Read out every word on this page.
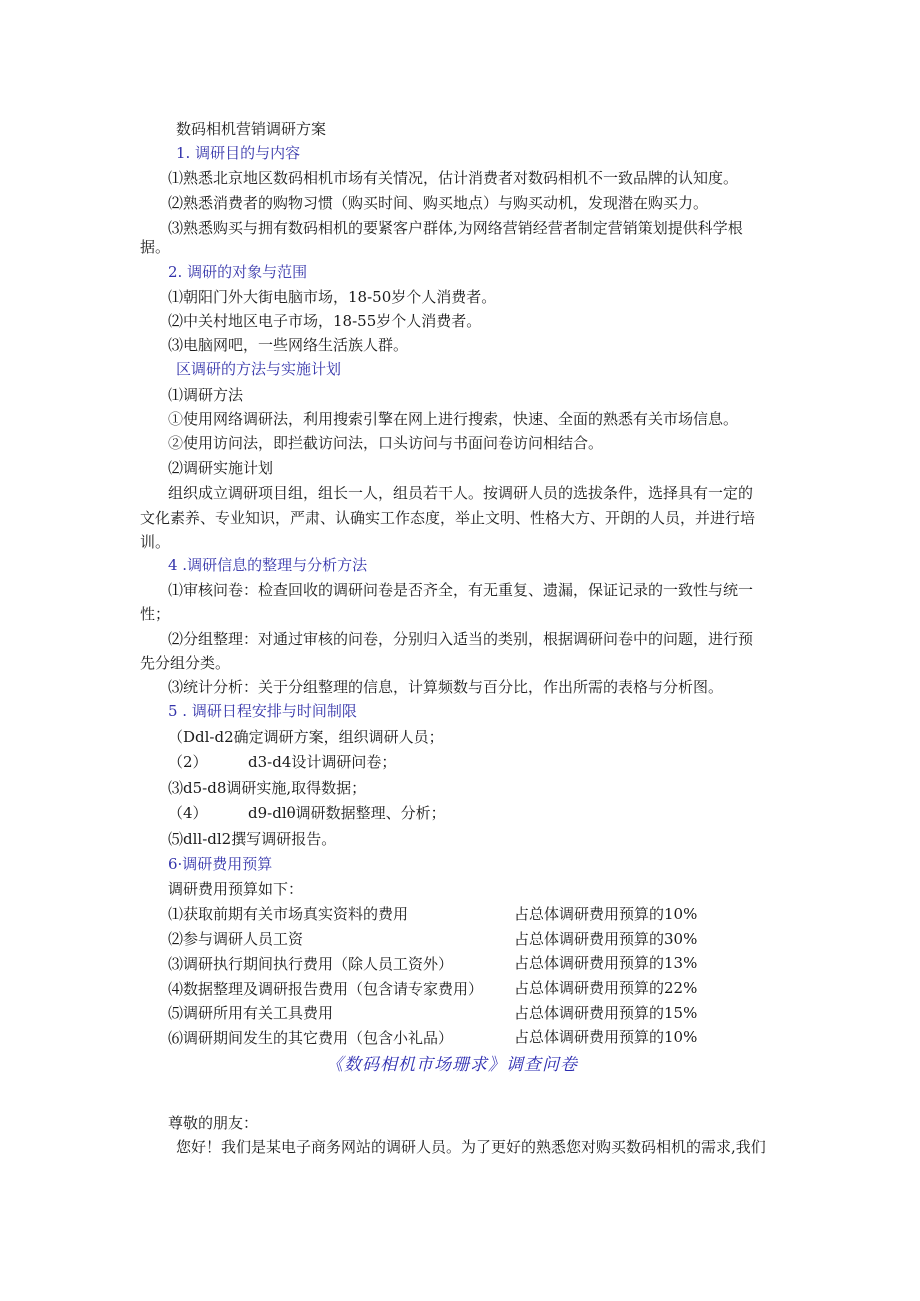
数码相机营销调研方案
1. 调研目的与内容
⑴熟悉北京地区数码相机市场有关情况，估计消费者对数码相机不一致品牌的认知度。
⑵熟悉消费者的购物习惯（购买时间、购买地点）与购买动机，发现潜在购买力。
⑶熟悉购买与拥有数码相机的要紧客户群体,为网络营销经营者制定营销策划提供科学根
据。
2. 调研的对象与范围
⑴朝阳门外大街电脑市场，18-50岁个人消费者。
⑵中关村地区电子市场，18-55岁个人消费者。
⑶电脑网吧，一些网络生活族人群。
区调研的方法与实施计划
⑴调研方法
①使用网络调研法，利用搜索引擎在网上进行搜索，快速、全面的熟悉有关市场信息。
②使用访问法，即拦截访问法，口头访问与书面问卷访问相结合。
⑵调研实施计划
组织成立调研项目组，组长一人，组员若干人。按调研人员的选拔条件，选择具有一定的
文化素养、专业知识，严肃、认确实工作态度，举止文明、性格大方、开朗的人员，并进行培
训。
4 .调研信息的整理与分析方法
⑴审核问卷：检查回收的调研问卷是否齐全，有无重复、遗漏，保证记录的一致性与统一
性；
⑵分组整理：对通过审核的问卷，分别归入适当的类别，根据调研问卷中的问题，进行预
先分组分类。
⑶统计分析：关于分组整理的信息，计算频数与百分比，作出所需的表格与分析图。
5 . 调研日程安排与时间制限
（Ddl-d2确定调研方案，组织调研人员；
（2）	d3-d4设计调研问卷；
⑶d5-d8调研实施,取得数据；
（4）	d9-dlθ调研数据整理、分析；
⑸dll-dl2撰写调研报告。
6·调研费用预算
调研费用预算如下：
⑴获取前期有关市场真实资料的费用	占总体调研费用预算的10%
⑵参与调研人员工资	占总体调研费用预算的30%
⑶调研执行期间执行费用（除人员工资外）	占总体调研费用预算的13%
⑷数据整理及调研报告费用（包含请专家费用） 占总体调研费用预算的22%
⑸调研所用有关工具费用	占总体调研费用预算的15%
⑹调研期间发生的其它费用（包含小礼品）	占总体调研费用预算的10%
《数码相机市场珊求》调查问卷
尊敬的朋友：
您好！我们是某电子商务网站的调研人员。为了更好的熟悉您对购买数码相机的需求,我们
